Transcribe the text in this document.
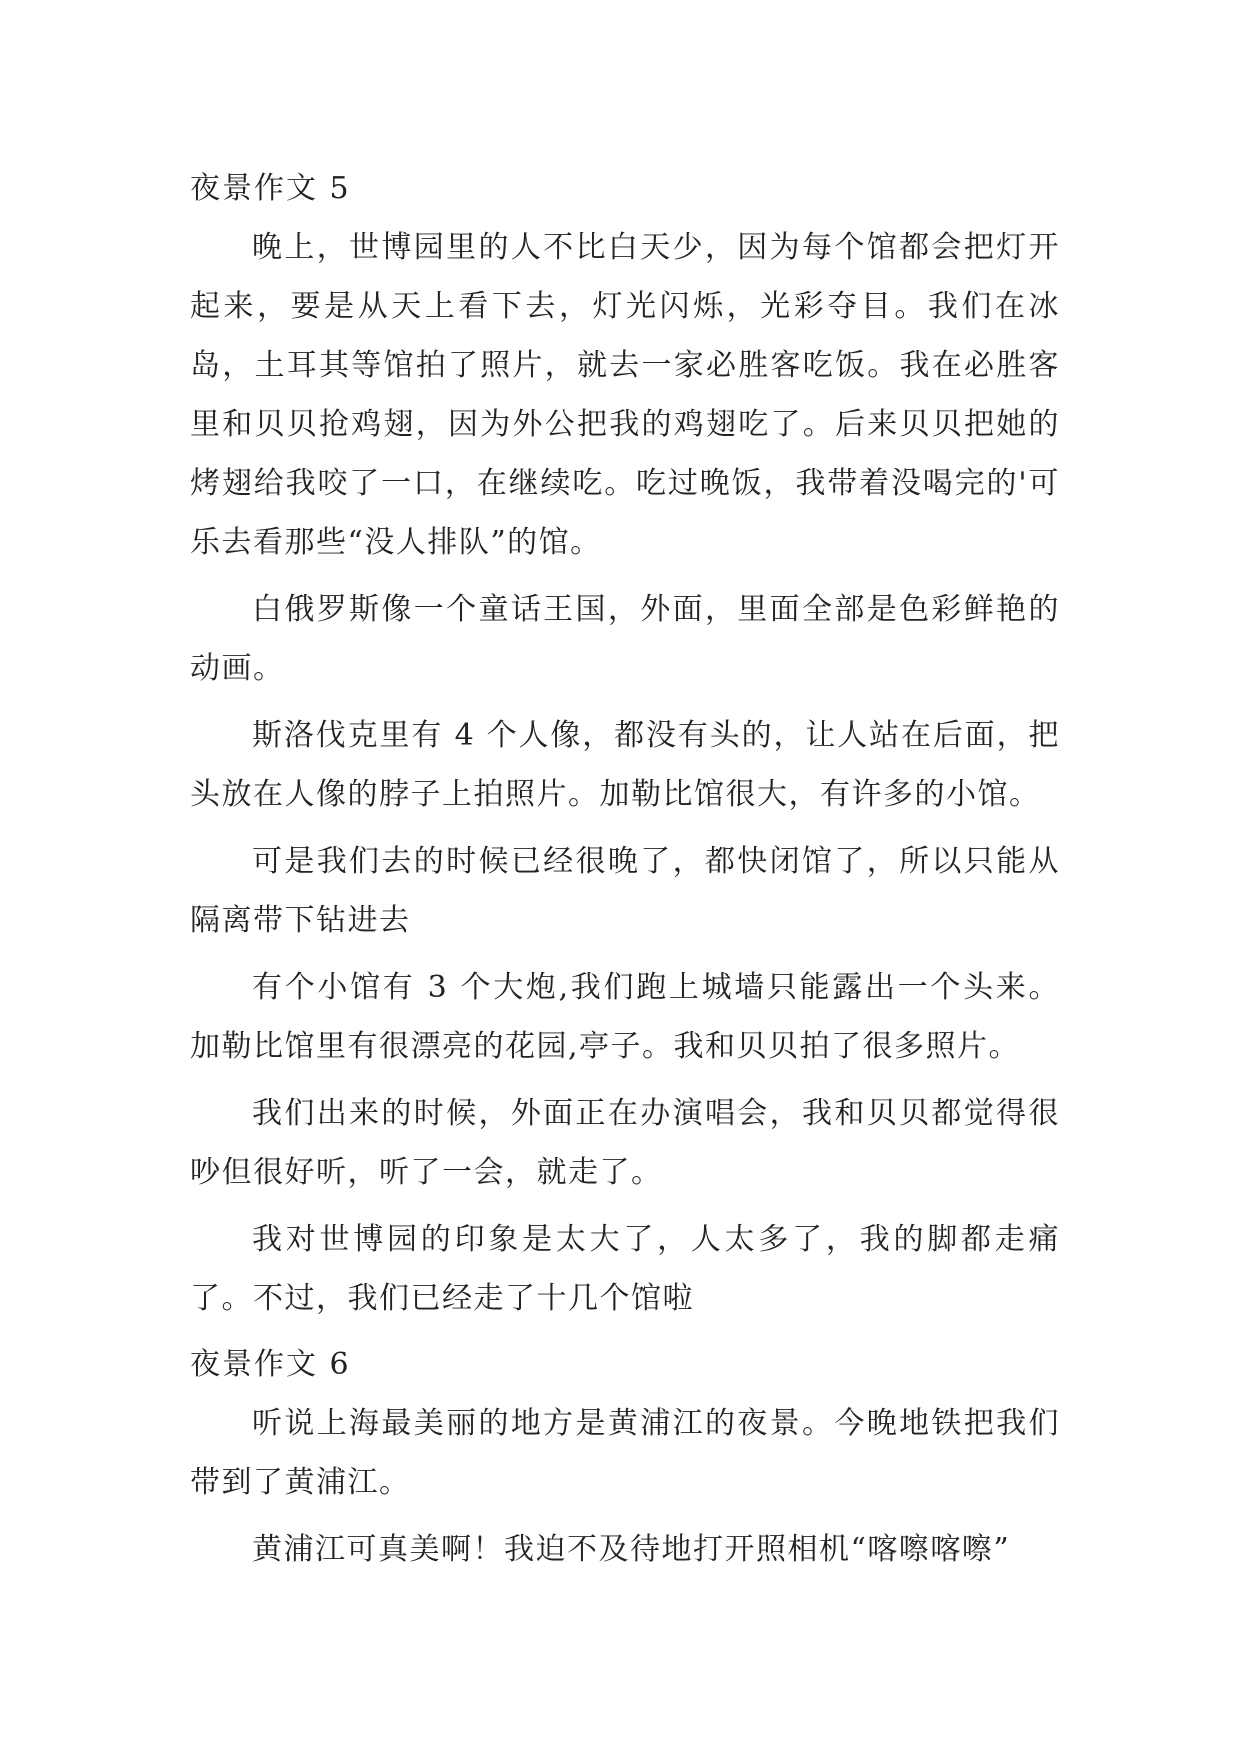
夜景作文 5

晚上，世博园里的人不比白天少，因为每个馆都会把灯开起来，要是从天上看下去，灯光闪烁，光彩夺目。我们在冰岛，土耳其等馆拍了照片，就去一家必胜客吃饭。我在必胜客里和贝贝抢鸡翅，因为外公把我的鸡翅吃了。后来贝贝把她的烤翅给我咬了一口，在继续吃。吃过晚饭，我带着没喝完的'可乐去看那些“没人排队”的馆。

白俄罗斯像一个童话王国，外面，里面全部是色彩鲜艳的动画。

斯洛伐克里有 4 个人像，都没有头的，让人站在后面，把头放在人像的脖子上拍照片。加勒比馆很大，有许多的小馆。

可是我们去的时候已经很晚了，都快闭馆了，所以只能从隔离带下钻进去

有个小馆有 3 个大炮,我们跑上城墙只能露出一个头来。加勒比馆里有很漂亮的花园,亭子。我和贝贝拍了很多照片。

我们出来的时候，外面正在办演唱会，我和贝贝都觉得很吵但很好听，听了一会，就走了。

我对世博园的印象是太大了，人太多了，我的脚都走痛了。不过，我们已经走了十几个馆啦

夜景作文 6

听说上海最美丽的地方是黄浦江的夜景。今晚地铁把我们带到了黄浦江。

黄浦江可真美啊！我迫不及待地打开照相机“喀嚓喀嚓”
